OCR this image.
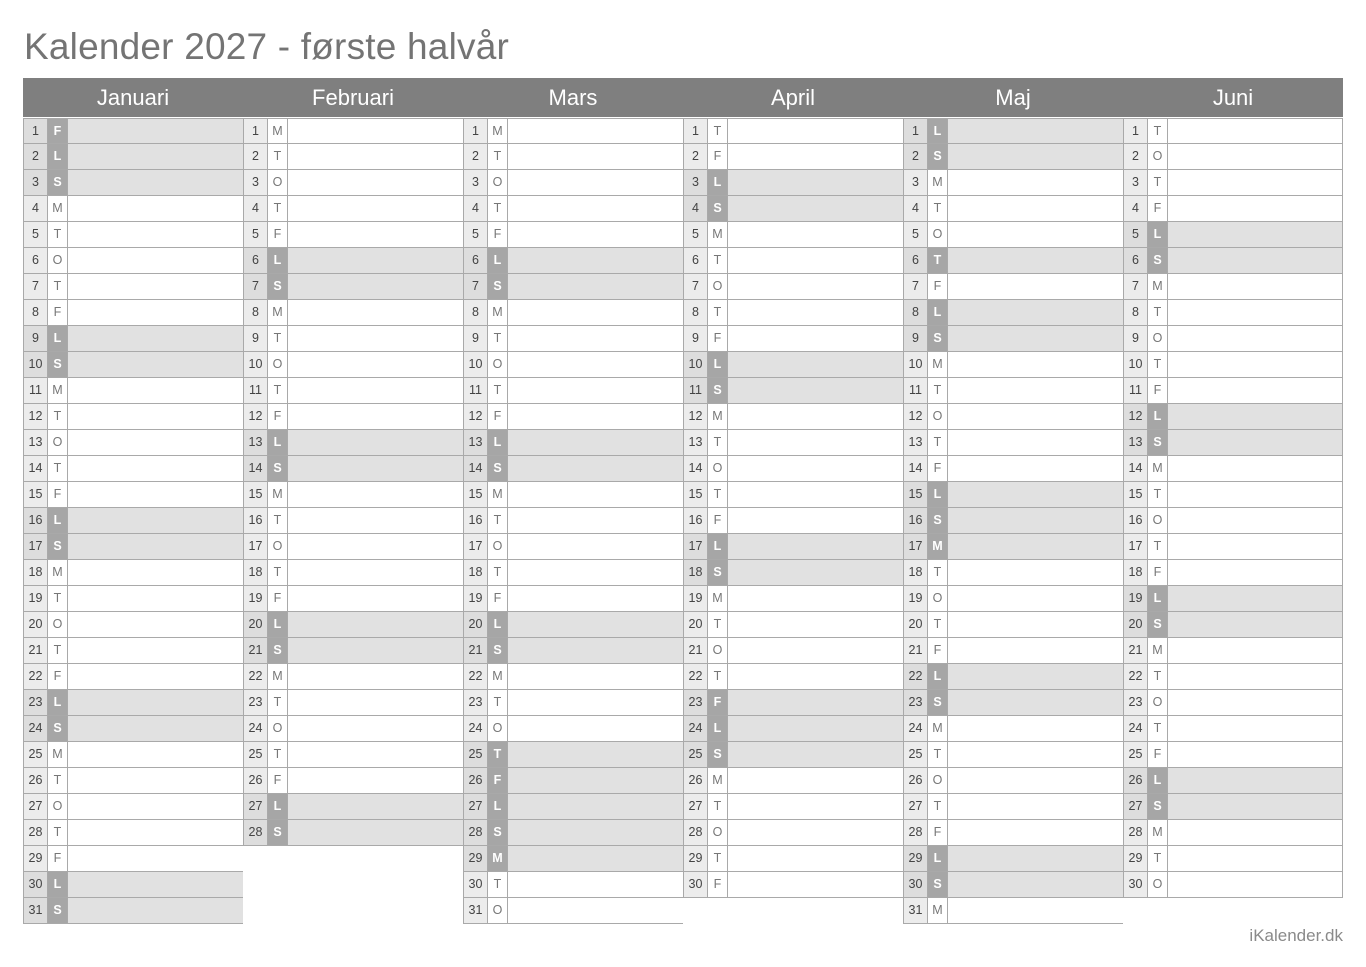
Kalender 2027 - første halvår
Januari
1	F
2	L
3	S
4	M
5	T
6	O
7	T
8	F
9	L
10 S
11 M
12 T
13 O
14 T
15 F
16 L
17 S
18 M
19 T
20 O
21 T
22 F
23 L
24 S
25 M
26 T
27 O
28 T
29 F
30 L
31 S
Februari
1	M
2	T
3	O
4	T
5	F
6	L
7	S
8	M
9	T
10 O
11 T
12 F
13 L
14 S
15 M
16 T
17 O
18 T
19 F
20 L
21 S
22 M
23 T
24 O
25 T
26 F
27 L
28 S
Mars
1	M
2	T
3	O
4	T
5	F
6	L
7	S
8	M
9	T
10 O
11 T
12 F
13 L
14 S
15 M
16 T
17 O
18 T
19 F
20 L
21 S
22 M
23 T
24 O
25 T
26 F
27 L
28 S
29 M
30 T
31 O
April
1	T
2	F
3	L
4	S
5	M
6	T
7	O
8	T
9	F
10 L
11 S
12 M
13 T
14 O
15 T
16 F
17 L
18 S
19 M
20 T
21 O
22 T
23 F
24 L
25 S
26 M
27 T
28 O
29 T
30 F
Maj
1	L
2	S
3	M
4	T
5	O
6	T
7	F
8	L
9	S
10 M
11 T
12 O
13 T
14 F
15 L
16 S
17 M
18 T
19 O
20 T
21 F
22 L
23 S
24 M
25 T
26 O
27 T
28 F
29 L
30 S
31 M
Juni
1	T
2	O
3	T
4	F
5	L
6	S
7	M
8	T
9	O
10 T
11 F
12 L
13 S
14 M
15 T
16 O
17 T
18 F
19 L
20 S
21 M
22 T
23 O
24 T
25 F
26 L
27 S
28 M
29 T
30 O
iKalender.dk
